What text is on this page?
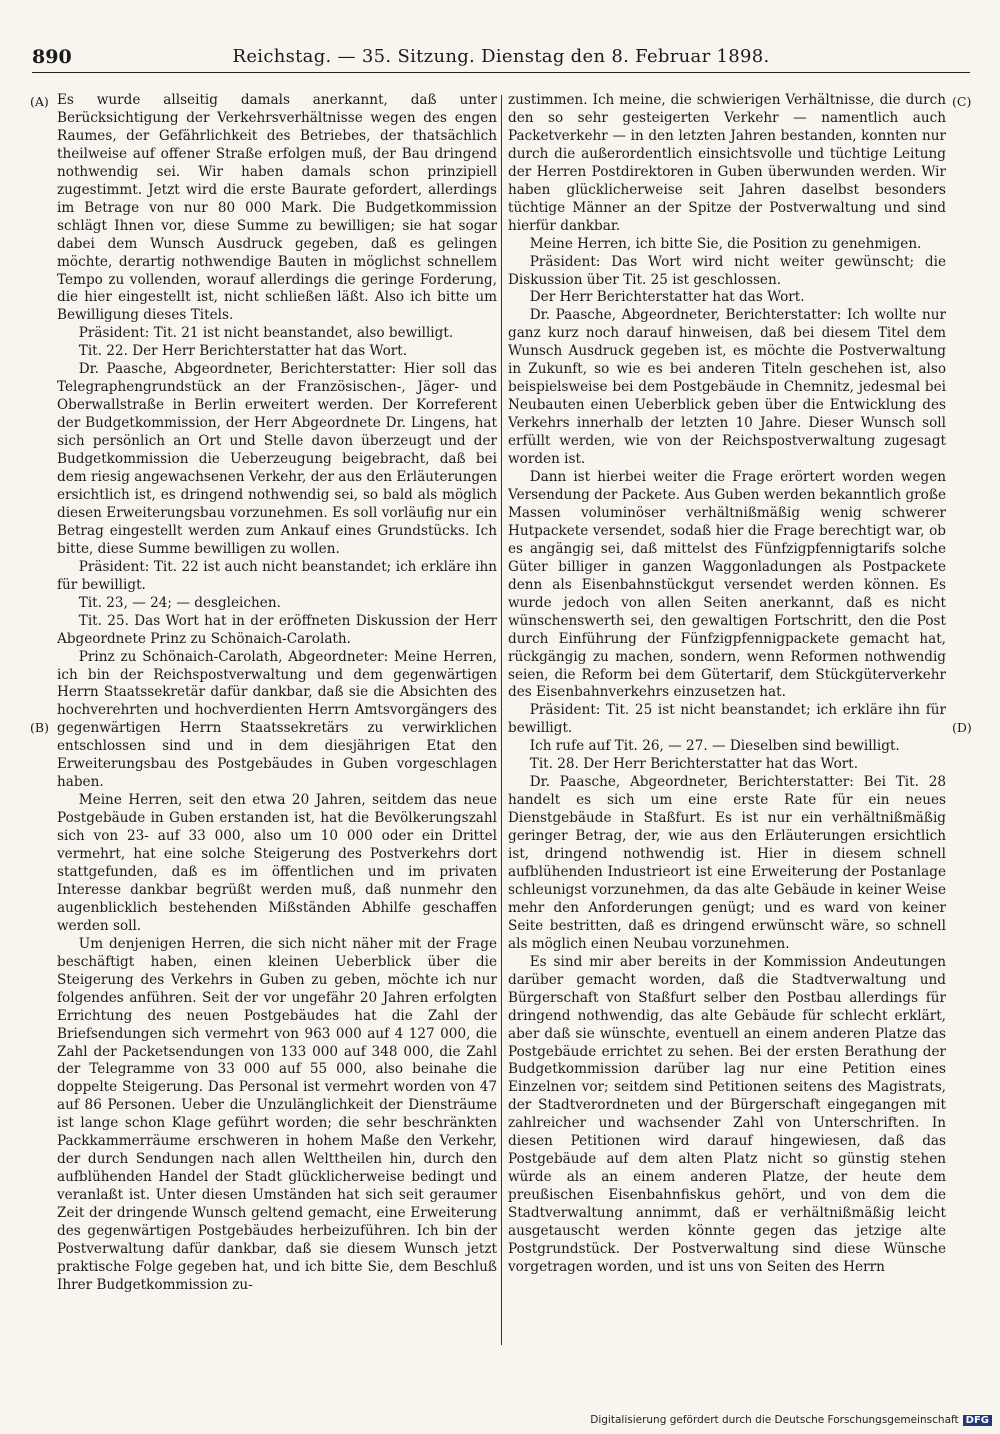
890	Reichstag. — 35. Sitzung. Dienstag den 8. Februar 1898.
(A)
(B)
(C)
(D)

Es wurde allseitig damals anerkannt, daß unter Berücksichtigung der Verkehrsverhältnisse wegen des engen Raumes, der Gefährlichkeit des Betriebes, der thatsächlich theilweise auf offener Straße erfolgen muß, der Bau dringend nothwendig sei. Wir haben damals schon prinzipiell zugestimmt. Jetzt wird die erste Baurate gefordert, allerdings im Betrage von nur 80 000 Mark. Die Budgetkommission schlägt Ihnen vor, diese Summe zu bewilligen; sie hat sogar dabei dem Wunsch Ausdruck gegeben, daß es gelingen möchte, derartig nothwendige Bauten in möglichst schnellem Tempo zu vollenden, worauf allerdings die geringe Forderung, die hier eingestellt ist, nicht schließen läßt. Also ich bitte um Bewilligung dieses Titels.

Präsident: Tit. 21 ist nicht beanstandet, also bewilligt.

Tit. 22. Der Herr Berichterstatter hat das Wort.

Dr. Paasche, Abgeordneter, Berichterstatter: Hier soll das Telegraphengrundstück an der Französischen-, Jäger- und Oberwallstraße in Berlin erweitert werden. Der Korreferent der Budgetkommission, der Herr Abgeordnete Dr. Lingens, hat sich persönlich an Ort und Stelle davon überzeugt und der Budgetkommission die Ueberzeugung beigebracht, daß bei dem riesig angewachsenen Verkehr, der aus den Erläuterungen ersichtlich ist, es dringend nothwendig sei, so bald als möglich diesen Erweiterungsbau vorzunehmen. Es soll vorläufig nur ein Betrag eingestellt werden zum Ankauf eines Grundstücks. Ich bitte, diese Summe bewilligen zu wollen.

Präsident: Tit. 22 ist auch nicht beanstandet; ich erkläre ihn für bewilligt.

Tit. 23, — 24; — desgleichen.

Tit. 25. Das Wort hat in der eröffneten Diskussion der Herr Abgeordnete Prinz zu Schönaich-Carolath.

Prinz zu Schönaich-Carolath, Abgeordneter: Meine Herren, ich bin der Reichspostverwaltung und dem gegenwärtigen Herrn Staatssekretär dafür dankbar, daß sie die Absichten des hochverehrten und hochverdienten Herrn Amtsvorgängers des gegenwärtigen Herrn Staatssekretärs zu verwirklichen entschlossen sind und in dem diesjährigen Etat den Erweiterungsbau des Postgebäudes in Guben vorgeschlagen haben.

Meine Herren, seit den etwa 20 Jahren, seitdem das neue Postgebäude in Guben erstanden ist, hat die Bevölkerungszahl sich von 23- auf 33 000, also um 10 000 oder ein Drittel vermehrt, hat eine solche Steigerung des Postverkehrs dort stattgefunden, daß es im öffentlichen und im privaten Interesse dankbar begrüßt werden muß, daß nunmehr den augenblicklich bestehenden Mißständen Abhilfe geschaffen werden soll.

Um denjenigen Herren, die sich nicht näher mit der Frage beschäftigt haben, einen kleinen Ueberblick über die Steigerung des Verkehrs in Guben zu geben, möchte ich nur folgendes anführen. Seit der vor ungefähr 20 Jahren erfolgten Errichtung des neuen Postgebäudes hat die Zahl der Briefsendungen sich vermehrt von 963 000 auf 4 127 000, die Zahl der Packetsendungen von 133 000 auf 348 000, die Zahl der Telegramme von 33 000 auf 55 000, also beinahe die doppelte Steigerung. Das Personal ist vermehrt worden von 47 auf 86 Personen. Ueber die Unzulänglichkeit der Diensträume ist lange schon Klage geführt worden; die sehr beschränkten Packkammerräume erschweren in hohem Maße den Verkehr, der durch Sendungen nach allen Welttheilen hin, durch den aufblühenden Handel der Stadt glücklicherweise bedingt und veranlaßt ist. Unter diesen Umständen hat sich seit geraumer Zeit der dringende Wunsch geltend gemacht, eine Erweiterung des gegenwärtigen Postgebäudes herbeizuführen. Ich bin der Postverwaltung dafür dankbar, daß sie diesem Wunsch jetzt praktische Folge gegeben hat, und ich bitte Sie, dem Beschluß Ihrer Budgetkommission zu-

zustimmen. Ich meine, die schwierigen Verhältnisse, die durch den so sehr gesteigerten Verkehr — namentlich auch Packetverkehr — in den letzten Jahren bestanden, konnten nur durch die außerordentlich einsichtsvolle und tüchtige Leitung der Herren Postdirektoren in Guben überwunden werden. Wir haben glücklicherweise seit Jahren daselbst besonders tüchtige Männer an der Spitze der Postverwaltung und sind hierfür dankbar.

Meine Herren, ich bitte Sie, die Position zu genehmigen.

Präsident: Das Wort wird nicht weiter gewünscht; die Diskussion über Tit. 25 ist geschlossen.

Der Herr Berichterstatter hat das Wort.

Dr. Paasche, Abgeordneter, Berichterstatter: Ich wollte nur ganz kurz noch darauf hinweisen, daß bei diesem Titel dem Wunsch Ausdruck gegeben ist, es möchte die Postverwaltung in Zukunft, so wie es bei anderen Titeln geschehen ist, also beispielsweise bei dem Postgebäude in Chemnitz, jedesmal bei Neubauten einen Ueberblick geben über die Entwicklung des Verkehrs innerhalb der letzten 10 Jahre. Dieser Wunsch soll erfüllt werden, wie von der Reichspostverwaltung zugesagt worden ist.

Dann ist hierbei weiter die Frage erörtert worden wegen Versendung der Packete. Aus Guben werden bekanntlich große Massen voluminöser verhältnißmäßig wenig schwerer Hutpackete versendet, sodaß hier die Frage berechtigt war, ob es angängig sei, daß mittelst des Fünfzigpfennigtarifs solche Güter billiger in ganzen Waggonladungen als Postpackete denn als Eisenbahnstückgut versendet werden können. Es wurde jedoch von allen Seiten anerkannt, daß es nicht wünschenswerth sei, den gewaltigen Fortschritt, den die Post durch Einführung der Fünfzigpfennigpackete gemacht hat, rückgängig zu machen, sondern, wenn Reformen nothwendig seien, die Reform bei dem Gütertarif, dem Stückgüterverkehr des Eisenbahnverkehrs einzusetzen hat.

Präsident: Tit. 25 ist nicht beanstandet; ich erkläre ihn für bewilligt.

Ich rufe auf Tit. 26, — 27. — Dieselben sind bewilligt.

Tit. 28. Der Herr Berichterstatter hat das Wort.

Dr. Paasche, Abgeordneter, Berichterstatter: Bei Tit. 28 handelt es sich um eine erste Rate für ein neues Dienstgebäude in Staßfurt. Es ist nur ein verhältnißmäßig geringer Betrag, der, wie aus den Erläuterungen ersichtlich ist, dringend nothwendig ist. Hier in diesem schnell aufblühenden Industrieort ist eine Erweiterung der Postanlage schleunigst vorzunehmen, da das alte Gebäude in keiner Weise mehr den Anforderungen genügt; und es ward von keiner Seite bestritten, daß es dringend erwünscht wäre, so schnell als möglich einen Neubau vorzunehmen.

Es sind mir aber bereits in der Kommission Andeutungen darüber gemacht worden, daß die Stadtverwaltung und Bürgerschaft von Staßfurt selber den Postbau allerdings für dringend nothwendig, das alte Gebäude für schlecht erklärt, aber daß sie wünschte, eventuell an einem anderen Platze das Postgebäude errichtet zu sehen. Bei der ersten Berathung der Budgetkommission darüber lag nur eine Petition eines Einzelnen vor; seitdem sind Petitionen seitens des Magistrats, der Stadtverordneten und der Bürgerschaft eingegangen mit zahlreicher und wachsender Zahl von Unterschriften. In diesen Petitionen wird darauf hingewiesen, daß das Postgebäude auf dem alten Platz nicht so günstig stehen würde als an einem anderen Platze, der heute dem preußischen Eisenbahnfiskus gehört, und von dem die Stadtverwaltung annimmt, daß er verhältnißmäßig leicht ausgetauscht werden könnte gegen das jetzige alte Postgrundstück. Der Postverwaltung sind diese Wünsche vorgetragen worden, und ist uns von Seiten des Herrn

Digitalisierung gefördert durch die Deutsche Forschungsgemeinschaft DFG
